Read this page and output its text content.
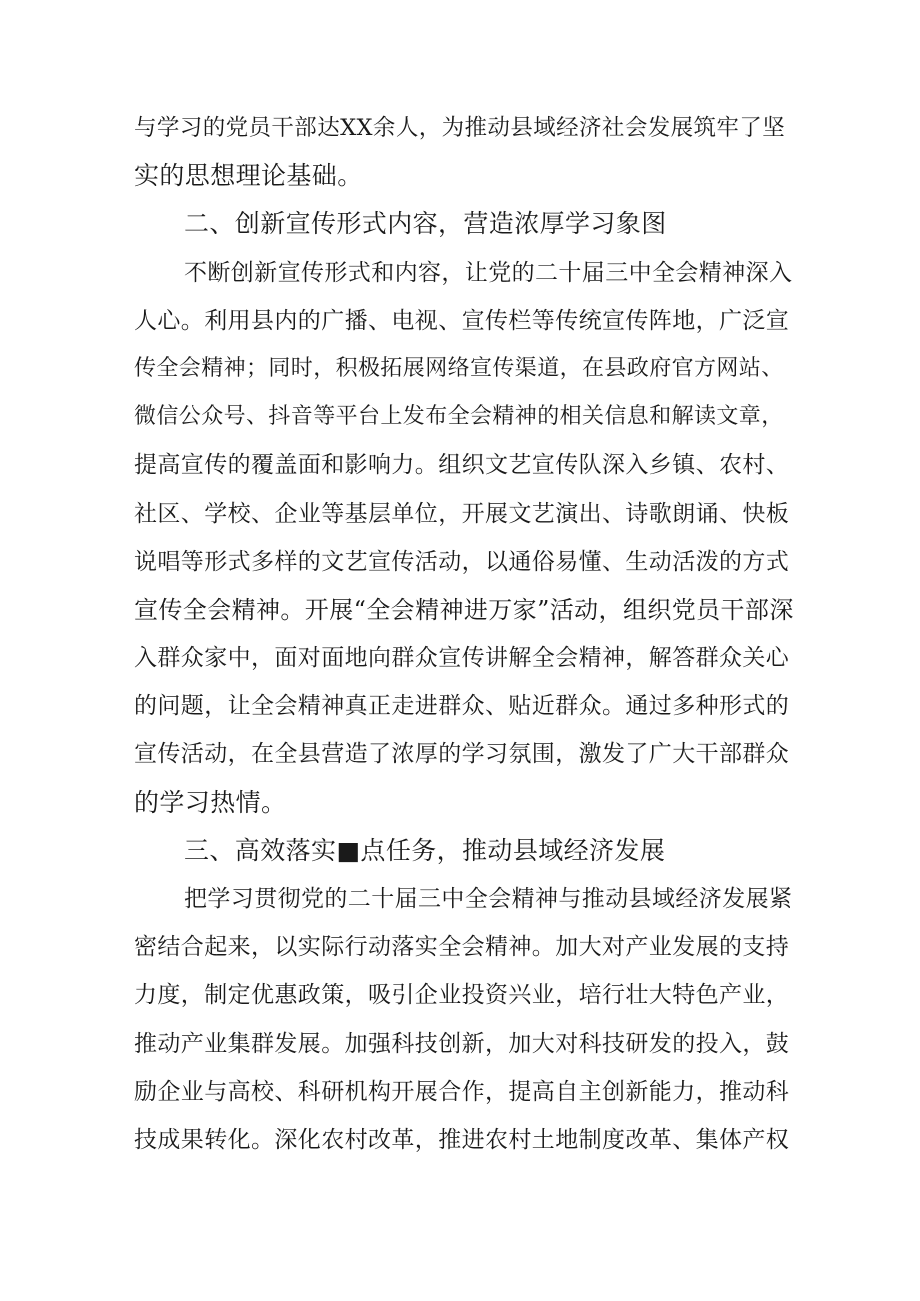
与学习的党员干部达XX余人，为推动县域经济社会发展筑牢了坚
实的思想理论基础。
二、创新宣传形式内容，营造浓厚学习象图
不断创新宣传形式和内容，让党的二十届三中全会精神深入
人心。利用县内的广播、电视、宣传栏等传统宣传阵地，广泛宣
传全会精神；同时，积极拓展网络宣传渠道，在县政府官方网站、
微信公众号、抖音等平台上发布全会精神的相关信息和解读文章，
提高宣传的覆盖面和影响力。组织文艺宣传队深入乡镇、农村、
社区、学校、企业等基层单位，开展文艺演出、诗歌朗诵、快板
说唱等形式多样的文艺宣传活动，以通俗易懂、生动活泼的方式
宣传全会精神。开展“全会精神进万家”活动，组织党员干部深
入群众家中，面对面地向群众宣传讲解全会精神，解答群众关心
的问题，让全会精神真正走进群众、贴近群众。通过多种形式的
宣传活动，在全县营造了浓厚的学习氛围，激发了广大干部群众
的学习热情。
三、高效落实■点任务，推动县域经济发展
把学习贯彻党的二十届三中全会精神与推动县域经济发展紧
密结合起来，以实际行动落实全会精神。加大对产业发展的支持
力度，制定优惠政策，吸引企业投资兴业，培行壮大特色产业，
推动产业集群发展。加强科技创新，加大对科技研发的投入，鼓
励企业与高校、科研机构开展合作，提高自主创新能力，推动科
技成果转化。深化农村改革，推进农村土地制度改革、集体产权
